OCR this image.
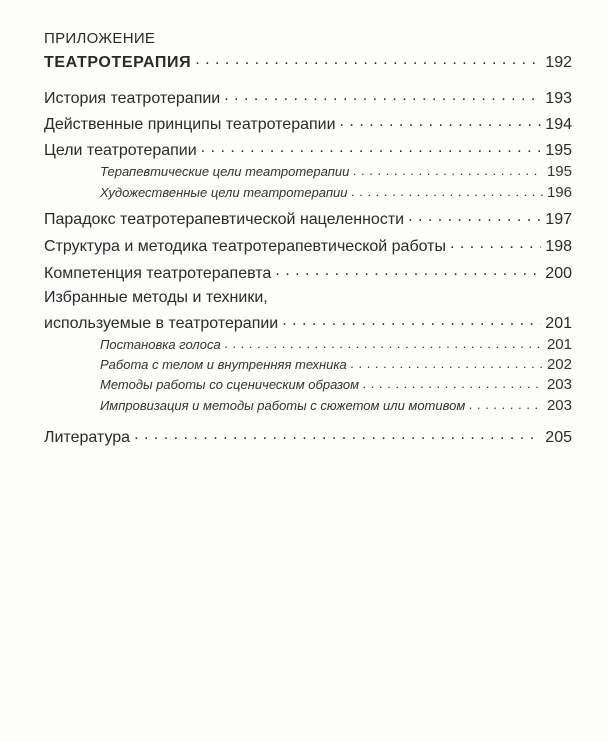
ПРИЛОЖЕНИЕ
ТЕАТРОТЕРАПИЯ . . .	192
История театротерапии . . .	193
Действенные принципы театротерапии . . .	194
Цели театротерапии . . .	195
Терапевтические цели театротерапии . . .	195
Художественные цели театротерапии . . .	196
Парадокс театротерапевтической нацеленности . . .	197
Структура и методика театротерапевтической работы . . .	198
Компетенция театротерапевта . . .	200
Избранные методы и техники,
используемые в театротерапии . . .	201
Постановка голоса . . .	201
Работа с телом и внутренняя техника . . .	202
Методы работы со сценическим образом . . .	203
Импровизация и методы работы с сюжетом или мотивом . . .	203
Литература . . .	205
